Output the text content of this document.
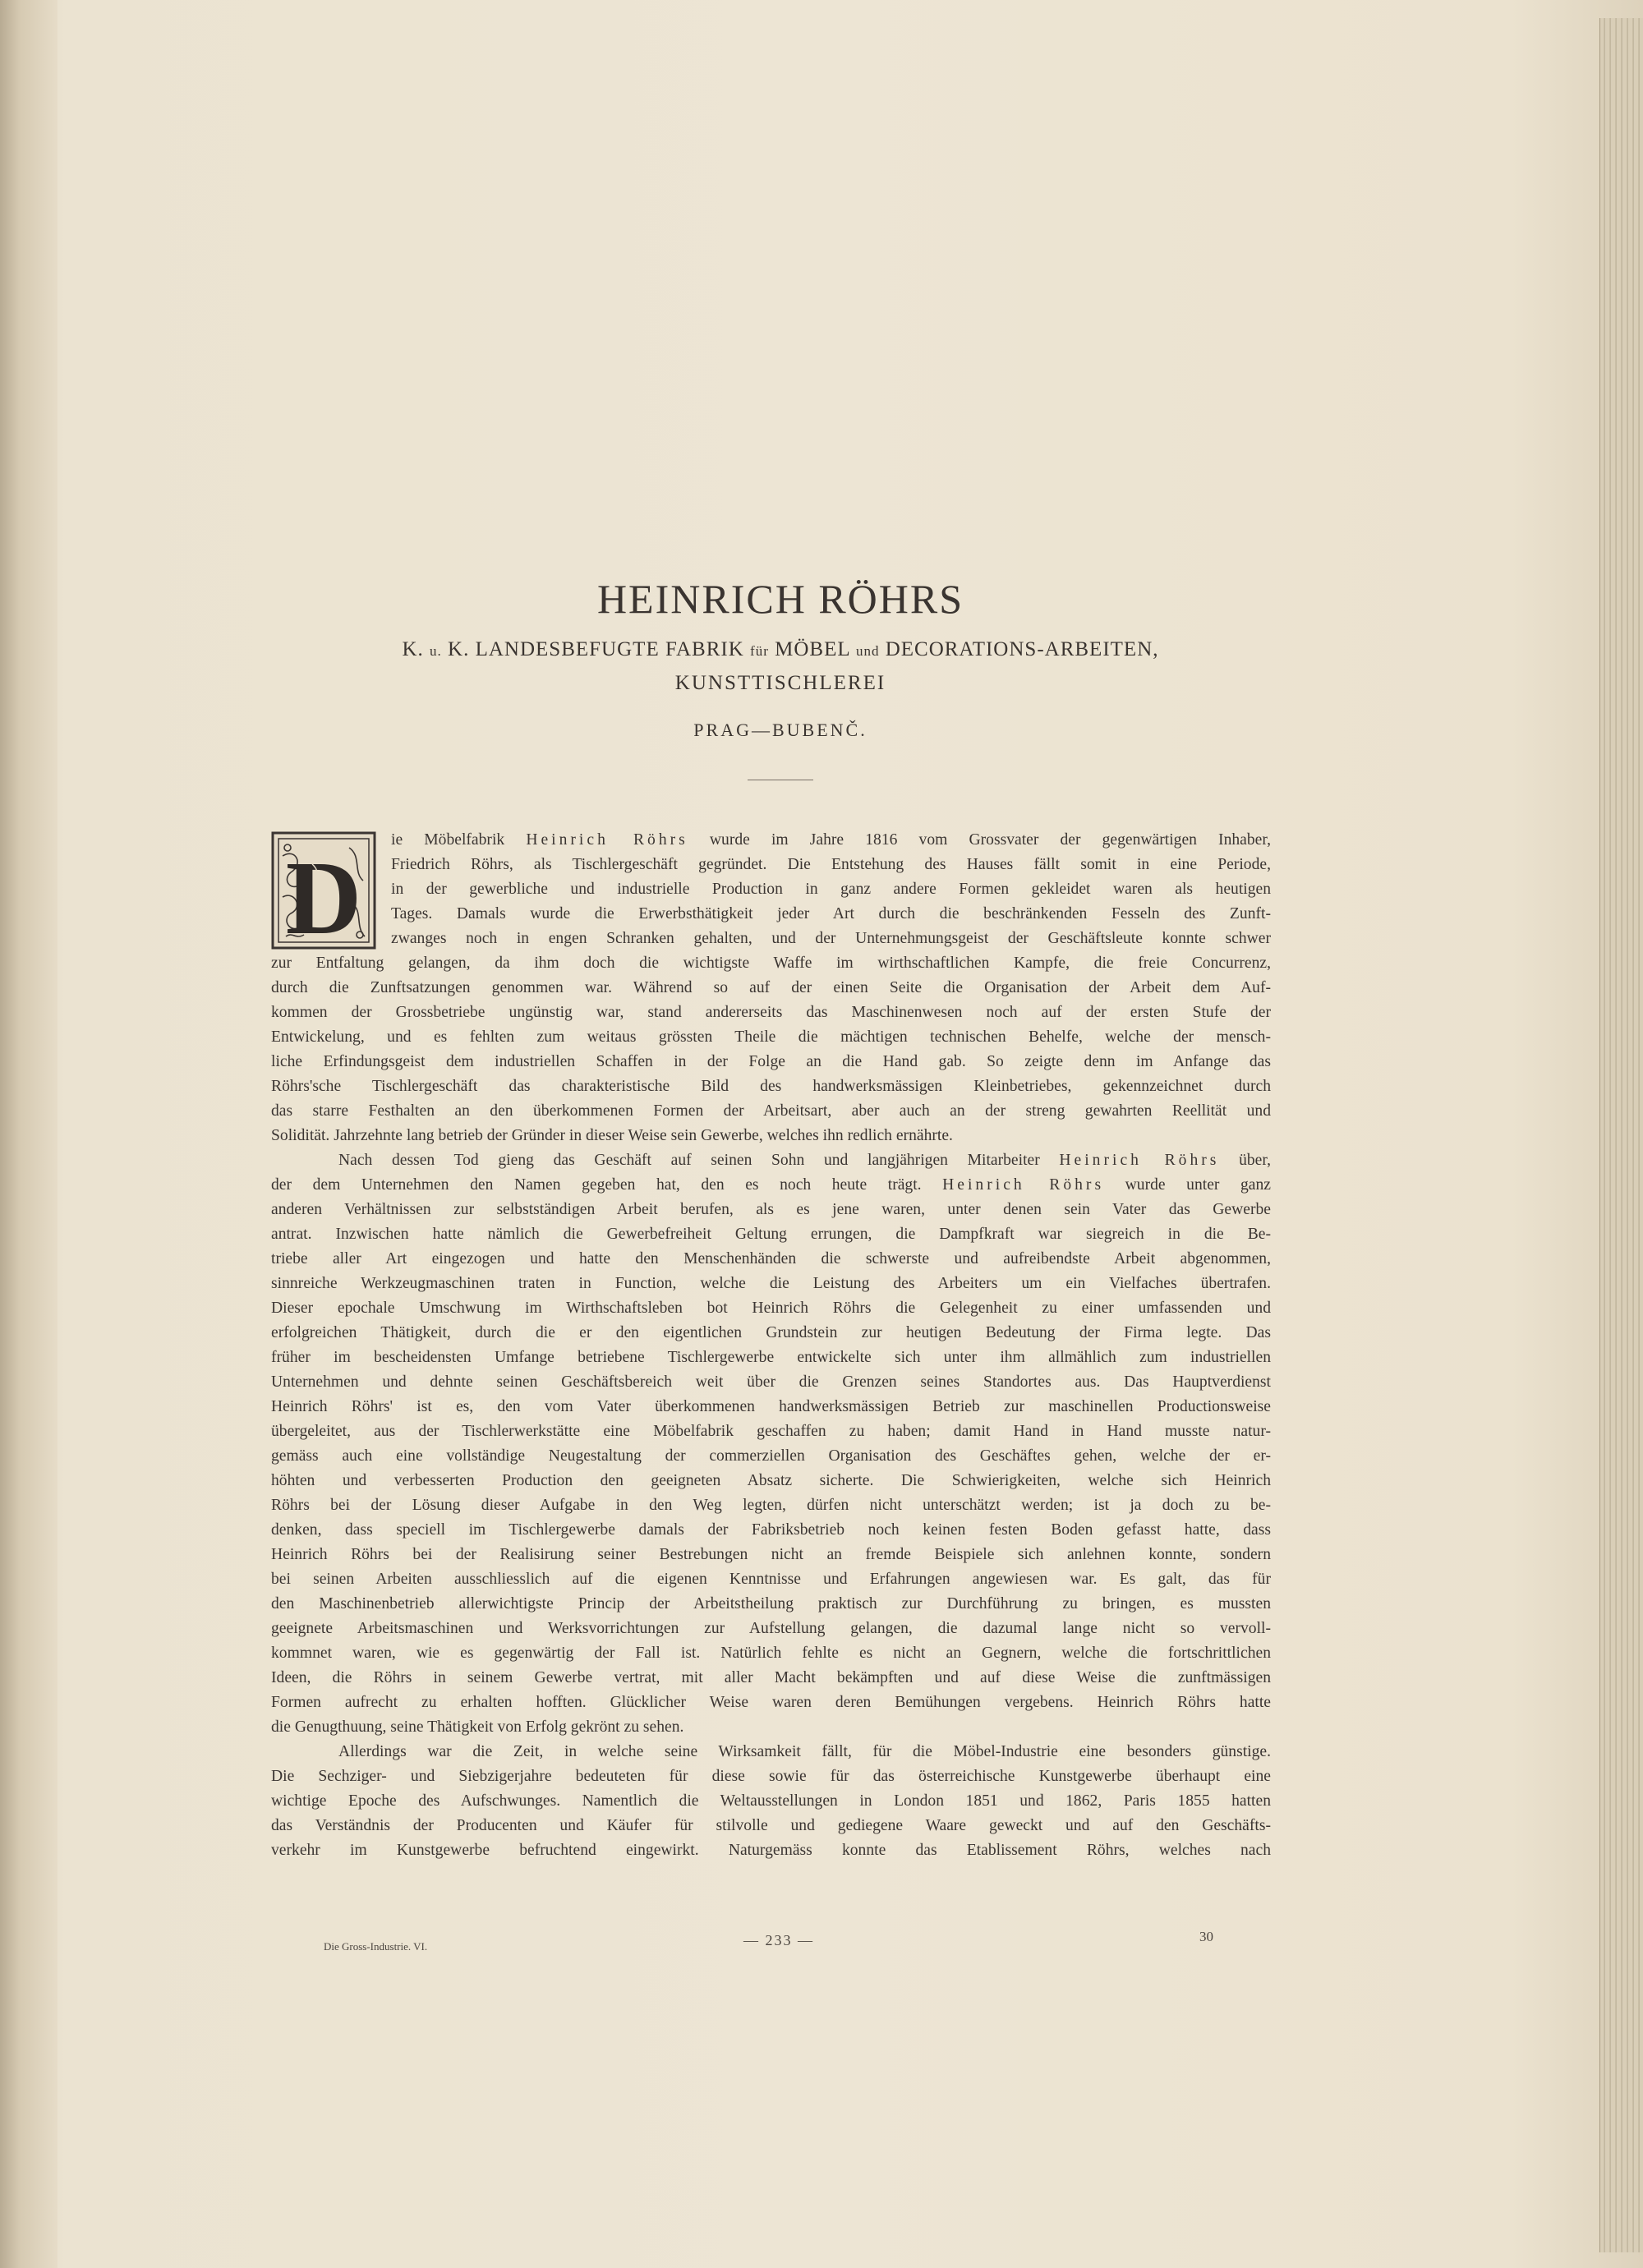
HEINRICH RÖHRS
K. u. K. LANDESBEFUGTE FABRIK für MÖBEL und DECORATIONS-ARBEITEN,
KUNSTTISCHLEREI
PRAG—BUBENČ.
D ie Möbelfabrik Heinrich Röhrs wurde im Jahre 1816 vom Grossvater der gegenwärtigen Inhaber,

Friedrich Röhrs, als Tischlergeschäft gegründet. Die Entstehung des Hauses fällt somit in eine Periode,

in der gewerbliche und industrielle Production in ganz andere Formen gekleidet waren als heutigen

Tages. Damals wurde die Erwerbsthätigkeit jeder Art durch die beschränkenden Fesseln des Zunft-

zwanges noch in engen Schranken gehalten, und der Unternehmungsgeist der Geschäftsleute konnte schwer

zur Entfaltung gelangen, da ihm doch die wichtigste Waffe im wirthschaftlichen Kampfe, die freie Concurrenz,

durch die Zunftsatzungen genommen war. Während so auf der einen Seite die Organisation der Arbeit dem Auf-

kommen der Grossbetriebe ungünstig war, stand andererseits das Maschinenwesen noch auf der ersten Stufe der

Entwickelung, und es fehlten zum weitaus grössten Theile die mächtigen technischen Behelfe, welche der mensch-

liche Erfindungsgeist dem industriellen Schaffen in der Folge an die Hand gab. So zeigte denn im Anfange das

Röhrs'sche Tischlergeschäft das charakteristische Bild des handwerksmässigen Kleinbetriebes, gekennzeichnet durch

das starre Festhalten an den überkommenen Formen der Arbeitsart, aber auch an der streng gewahrten Reellität und

Solidität. Jahrzehnte lang betrieb der Gründer in dieser Weise sein Gewerbe, welches ihn redlich ernährte.

Nach dessen Tod gieng das Geschäft auf seinen Sohn und langjährigen Mitarbeiter Heinrich Röhrs über,

der dem Unternehmen den Namen gegeben hat, den es noch heute trägt. Heinrich Röhrs wurde unter ganz

anderen Verhältnissen zur selbstständigen Arbeit berufen, als es jene waren, unter denen sein Vater das Gewerbe

antrat. Inzwischen hatte nämlich die Gewerbefreiheit Geltung errungen, die Dampfkraft war siegreich in die Be-

triebe aller Art eingezogen und hatte den Menschenhänden die schwerste und aufreibendste Arbeit abgenommen,

sinnreiche Werkzeugmaschinen traten in Function, welche die Leistung des Arbeiters um ein Vielfaches übertrafen.

Dieser epochale Umschwung im Wirthschaftsleben bot Heinrich Röhrs die Gelegenheit zu einer umfassenden und

erfolgreichen Thätigkeit, durch die er den eigentlichen Grundstein zur heutigen Bedeutung der Firma legte. Das

früher im bescheidensten Umfange betriebene Tischlergewerbe entwickelte sich unter ihm allmählich zum industriellen

Unternehmen und dehnte seinen Geschäftsbereich weit über die Grenzen seines Standortes aus. Das Hauptverdienst

Heinrich Röhrs' ist es, den vom Vater überkommenen handwerksmässigen Betrieb zur maschinellen Productionsweise

übergeleitet, aus der Tischlerwerkstätte eine Möbelfabrik geschaffen zu haben; damit Hand in Hand musste natur-

gemäss auch eine vollständige Neugestaltung der commerziellen Organisation des Geschäftes gehen, welche der er-

höhten und verbesserten Production den geeigneten Absatz sicherte. Die Schwierigkeiten, welche sich Heinrich

Röhrs bei der Lösung dieser Aufgabe in den Weg legten, dürfen nicht unterschätzt werden; ist ja doch zu be-

denken, dass speciell im Tischlergewerbe damals der Fabriksbetrieb noch keinen festen Boden gefasst hatte, dass

Heinrich Röhrs bei der Realisirung seiner Bestrebungen nicht an fremde Beispiele sich anlehnen konnte, sondern

bei seinen Arbeiten ausschliesslich auf die eigenen Kenntnisse und Erfahrungen angewiesen war. Es galt, das für

den Maschinenbetrieb allerwichtigste Princip der Arbeitstheilung praktisch zur Durchführung zu bringen, es mussten

geeignete Arbeitsmaschinen und Werksvorrichtungen zur Aufstellung gelangen, die dazumal lange nicht so vervoll-

kommnet waren, wie es gegenwärtig der Fall ist. Natürlich fehlte es nicht an Gegnern, welche die fortschrittlichen

Ideen, die Röhrs in seinem Gewerbe vertrat, mit aller Macht bekämpften und auf diese Weise die zunftmässigen

Formen aufrecht zu erhalten hofften. Glücklicher Weise waren deren Bemühungen vergebens. Heinrich Röhrs hatte

die Genugthuung, seine Thätigkeit von Erfolg gekrönt zu sehen.

Allerdings war die Zeit, in welche seine Wirksamkeit fällt, für die Möbel-Industrie eine besonders günstige.

Die Sechziger- und Siebzigerjahre bedeuteten für diese sowie für das österreichische Kunstgewerbe überhaupt eine

wichtige Epoche des Aufschwunges. Namentlich die Weltausstellungen in London 1851 und 1862, Paris 1855 hatten

das Verständnis der Producenten und Käufer für stilvolle und gediegene Waare geweckt und auf den Geschäfts-

verkehr im Kunstgewerbe befruchtend eingewirkt. Naturgemäss konnte das Etablissement Röhrs, welches nach

Die Gross-Industrie. VI.	— 233 —	30
